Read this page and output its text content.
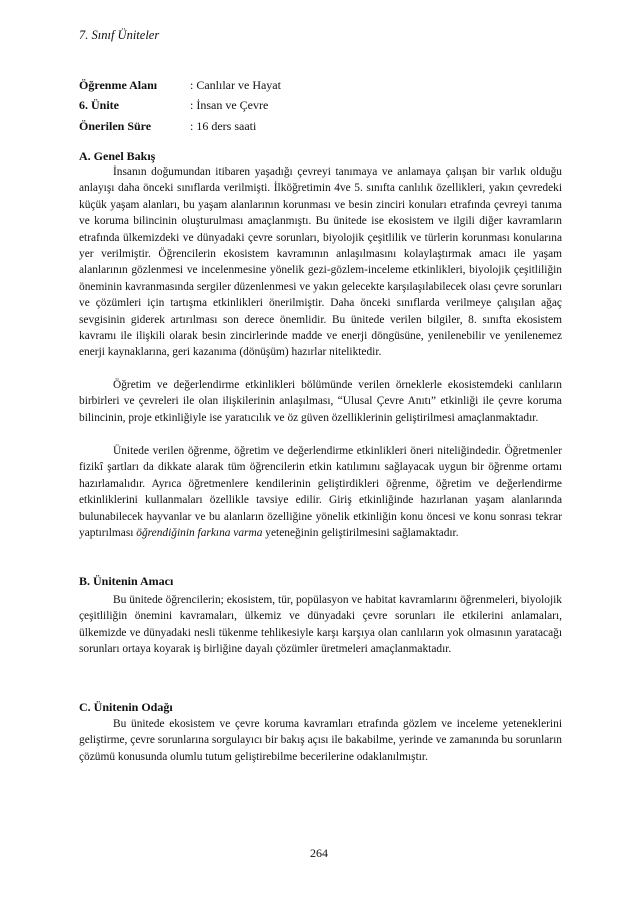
7. Sınıf Üniteler
Öğrenme Alanı	: Canlılar ve Hayat
6. Ünite	: İnsan ve Çevre
Önerilen Süre	: 16 ders saati
A. Genel Bakış

İnsanın doğumundan itibaren yaşadığı çevreyi tanımaya ve anlamaya çalışan bir varlık olduğu anlayışı daha önceki sınıflarda verilmişti. İlköğretimin 4ve 5. sınıfta canlılık özellikleri, yakın çevredeki küçük yaşam alanları, bu yaşam alanlarının korunması ve besin zinciri konuları etrafında çevreyi tanıma ve koruma bilincinin oluşturulması amaçlanmıştı. Bu ünitede ise ekosistem ve ilgili diğer kavramların etrafında ülkemizdeki ve dünyadaki çevre sorunları, biyolojik çeşitlilik ve türlerin korunması konularına yer verilmiştir. Öğrencilerin ekosistem kavramının anlaşılmasını kolaylaştırmak amacı ile yaşam alanlarının gözlenmesi ve incelenmesine yönelik gezi-gözlem-inceleme etkinlikleri, biyolojik çeşitliliğin öneminin kavranmasında sergiler düzenlenmesi ve yakın gelecekte karşılaşılabilecek olası çevre sorunları ve çözümleri için tartışma etkinlikleri önerilmiştir. Daha önceki sınıflarda verilmeye çalışılan ağaç sevgisinin giderek artırılması son derece önemlidir. Bu ünitede verilen bilgiler, 8. sınıfta ekosistem kavramı ile ilişkili olarak besin zincirlerinde madde ve enerji döngüsüne, yenilenebilir ve yenilenemez enerji kaynaklarına, geri kazanıma (dönüşüm) hazırlar niteliktedir.

Öğretim ve değerlendirme etkinlikleri bölümünde verilen örneklerle ekosistemdeki canlıların birbirleri ve çevreleri ile olan ilişkilerinin anlaşılması, “Ulusal Çevre Anıtı” etkinliği ile çevre koruma bilincinin, proje etkinliğiyle ise yaratıcılık ve öz güven özelliklerinin geliştirilmesi amaçlanmaktadır.

Ünitede verilen öğrenme, öğretim ve değerlendirme etkinlikleri öneri niteliğindedir. Öğretmenler fizikî şartları da dikkate alarak tüm öğrencilerin etkin katılımını sağlayacak uygun bir öğrenme ortamı hazırlamalıdır. Ayrıca öğretmenlere kendilerinin geliştirdikleri öğrenme, öğretim ve değerlendirme etkinliklerini kullanmaları özellikle tavsiye edilir. Giriş etkinliğinde hazırlanan yaşam alanlarında bulunabilecek hayvanlar ve bu alanların özelliğine yönelik etkinliğin konu öncesi ve konu sonrası tekrar yaptırılması öğrendiğinin farkına varma yeteneğinin geliştirilmesini sağlamaktadır.

B. Ünitenin Amacı

Bu ünitede öğrencilerin; ekosistem, tür, popülasyon ve habitat kavramlarını öğrenmeleri, biyolojik çeşitliliğin önemini kavramaları, ülkemiz ve dünyadaki çevre sorunları ile etkilerini anlamaları, ülkemizde ve dünyadaki nesli tükenme tehlikesiyle karşı karşıya olan canlıların yok olmasının yaratacağı sorunları ortaya koyarak iş birliğine dayalı çözümler üretmeleri amaçlanmaktadır.

C. Ünitenin Odağı

Bu ünitede ekosistem ve çevre koruma kavramları etrafında gözlem ve inceleme yeteneklerini geliştirme, çevre sorunlarına sorgulayıcı bir bakış açısı ile bakabilme, yerinde ve zamanında bu sorunların çözümü konusunda olumlu tutum geliştirebilme becerilerine odaklanılmıştır.

264
